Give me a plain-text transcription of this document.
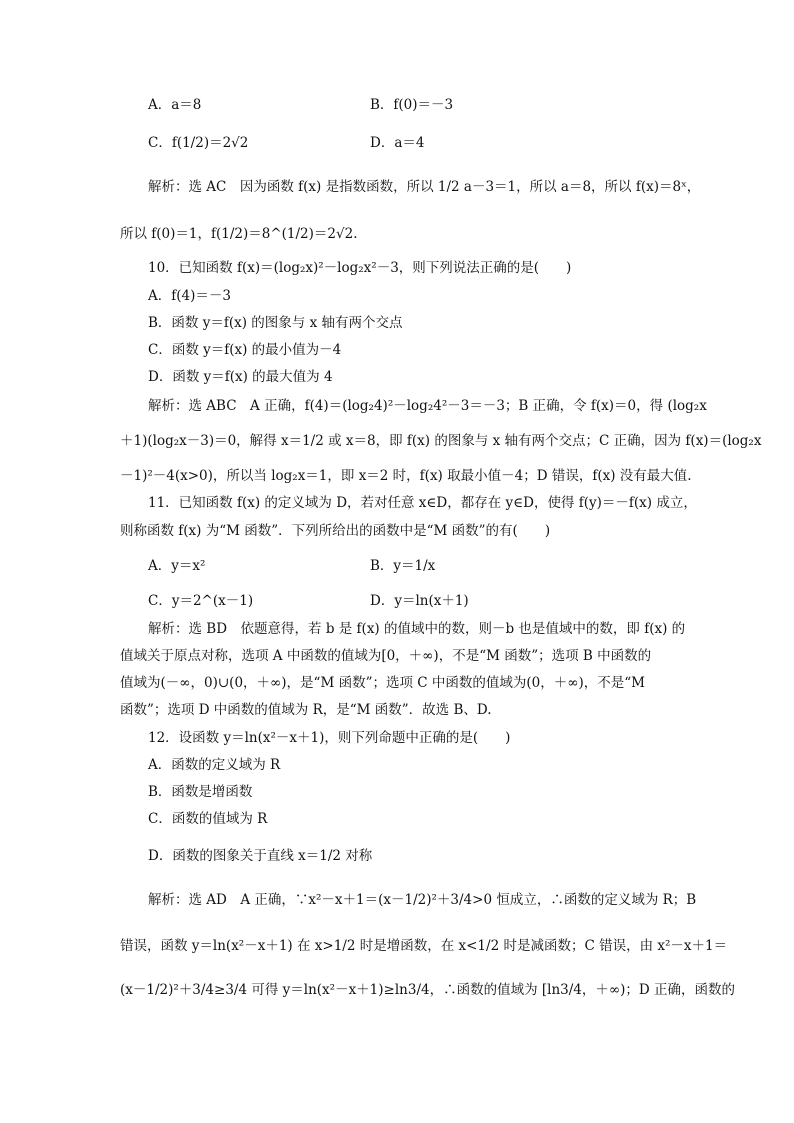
A．a＝8	B．f(0)＝－3
C．f(1/2)＝2√2	D．a＝4
解析：选 AC　因为函数 f(x) 是指数函数，所以 1/2 a－3＝1，所以 a＝8，所以 f(x)＝8ˣ，
所以 f(0)＝1，f(1/2)＝8^(1/2)＝2√2.
10．已知函数 f(x)＝(log₂x)²－log₂x²－3，则下列说法正确的是(　　)
A．f(4)＝－3
B．函数 y＝f(x) 的图象与 x 轴有两个交点
C．函数 y＝f(x) 的最小值为－4
D．函数 y＝f(x) 的最大值为 4
解析：选 ABC　A 正确，f(4)＝(log₂4)²－log₂4²－3＝－3；B 正确，令 f(x)＝0，得 (log₂x
＋1)(log₂x－3)＝0，解得 x＝1/2 或 x＝8，即 f(x) 的图象与 x 轴有两个交点；C 正确，因为 f(x)＝(log₂x
－1)²－4(x>0)，所以当 log₂x＝1，即 x＝2 时，f(x) 取最小值－4；D 错误，f(x) 没有最大值.
11．已知函数 f(x) 的定义域为 D，若对任意 x∈D，都存在 y∈D，使得 f(y)＝－f(x) 成立，
则称函数 f(x) 为“M 函数”．下列所给出的函数中是“M 函数”的有(　　)
A．y＝x²	B．y＝1/x
C．y＝2^(x－1)	D．y＝ln(x＋1)
解析：选 BD　依题意得，若 b 是 f(x) 的值域中的数，则－b 也是值域中的数，即 f(x) 的
值域关于原点对称，选项 A 中函数的值域为[0，＋∞)，不是“M 函数”；选项 B 中函数的
值域为(－∞，0)∪(0，＋∞)，是“M 函数”；选项 C 中函数的值域为(0，＋∞)，不是“M
函数”；选项 D 中函数的值域为 R，是“M 函数”．故选 B、D.
12．设函数 y＝ln(x²－x＋1)，则下列命题中正确的是(　　)
A．函数的定义域为 R
B．函数是增函数
C．函数的值域为 R
D．函数的图象关于直线 x＝1/2 对称
解析：选 AD　A 正确，∵x²－x＋1＝(x－1/2)²＋3/4>0 恒成立，∴函数的定义域为 R；B
错误，函数 y＝ln(x²－x＋1) 在 x>1/2 时是增函数，在 x<1/2 时是减函数；C 错误，由 x²－x＋1＝
(x－1/2)²＋3/4≥3/4 可得 y＝ln(x²－x＋1)≥ln3/4，∴函数的值域为 [ln3/4，＋∞)；D 正确，函数的
